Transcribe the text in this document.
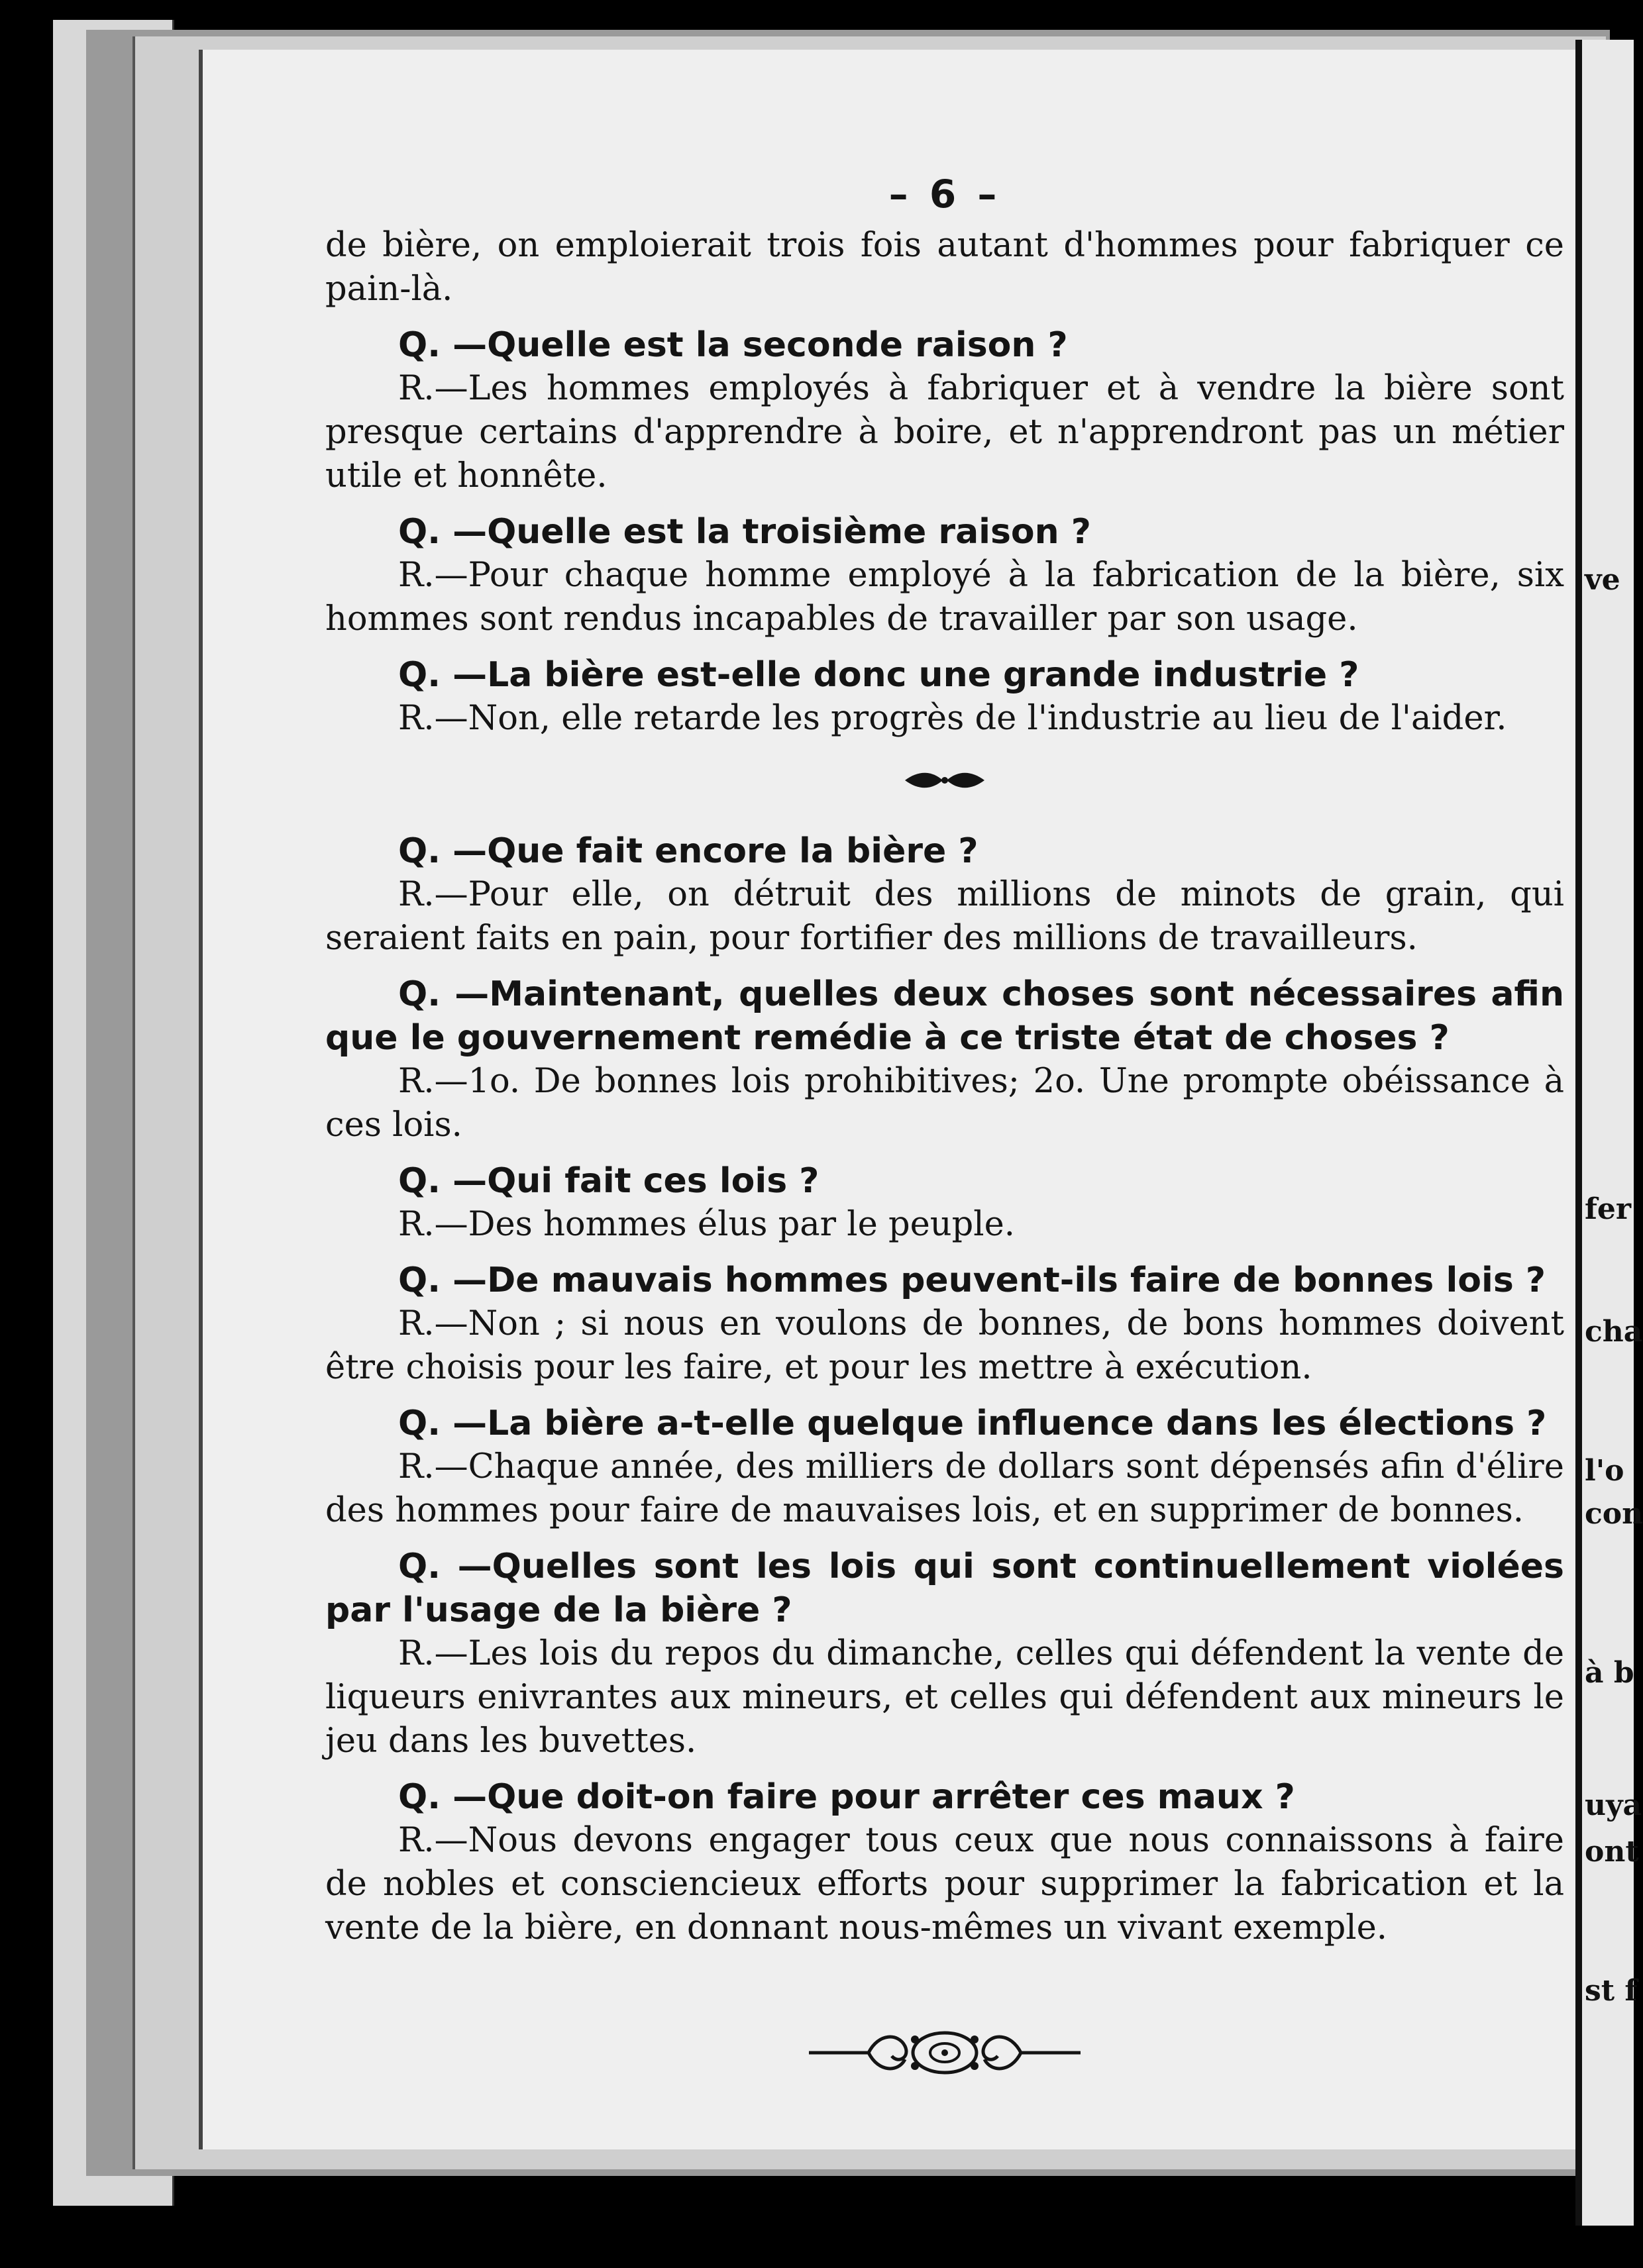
– 6 –

de bière, on emploierait trois fois autant d'hommes pour fabriquer ce pain-là.

Q. —Quelle est la seconde raison ?

R.—Les hommes employés à fabriquer et à vendre la bière sont presque certains d'apprendre à boire, et n'apprendront pas un métier utile et honnête.

Q. —Quelle est la troisième raison ?

R.—Pour chaque homme employé à la fabrication de la bière, six hommes sont rendus incapables de travailler par son usage.

Q. —La bière est-elle donc une grande industrie ?

R.—Non, elle retarde les progrès de l'industrie au lieu de l'aider.

Q. —Que fait encore la bière ?

R.—Pour elle, on détruit des millions de minots de grain, qui seraient faits en pain, pour fortifier des millions de travailleurs.

Q. —Maintenant, quelles deux choses sont nécessaires afin que le gouvernement remédie à ce triste état de choses ?

R.—1o. De bonnes lois prohibitives; 2o. Une prompte obéissance à ces lois.

Q. —Qui fait ces lois ?

R.—Des hommes élus par le peuple.

Q. —De mauvais hommes peuvent-ils faire de bonnes lois ?

R.—Non ; si nous en voulons de bonnes, de bons hommes doivent être choisis pour les faire, et pour les mettre à exécution.

Q. —La bière a-t-elle quelque influence dans les élections ?

R.—Chaque année, des milliers de dollars sont dépensés afin d'élire des hommes pour faire de mauvaises lois, et en supprimer de bonnes.

Q. —Quelles sont les lois qui sont continuellement violées par l'usage de la bière ?

R.—Les lois du repos du dimanche, celles qui défendent la vente de liqueurs enivrantes aux mineurs, et celles qui défendent aux mineurs le jeu dans les buvettes.

Q. —Que doit-on faire pour arrêter ces maux ?

R.—Nous devons engager tous ceux que nous connaissons à faire de nobles et consciencieux efforts pour supprimer la fabrication et la vente de la bière, en donnant nous-mêmes un vivant exemple.

ve
fer
cha
l'o
con
à b
uya
ont
st f
